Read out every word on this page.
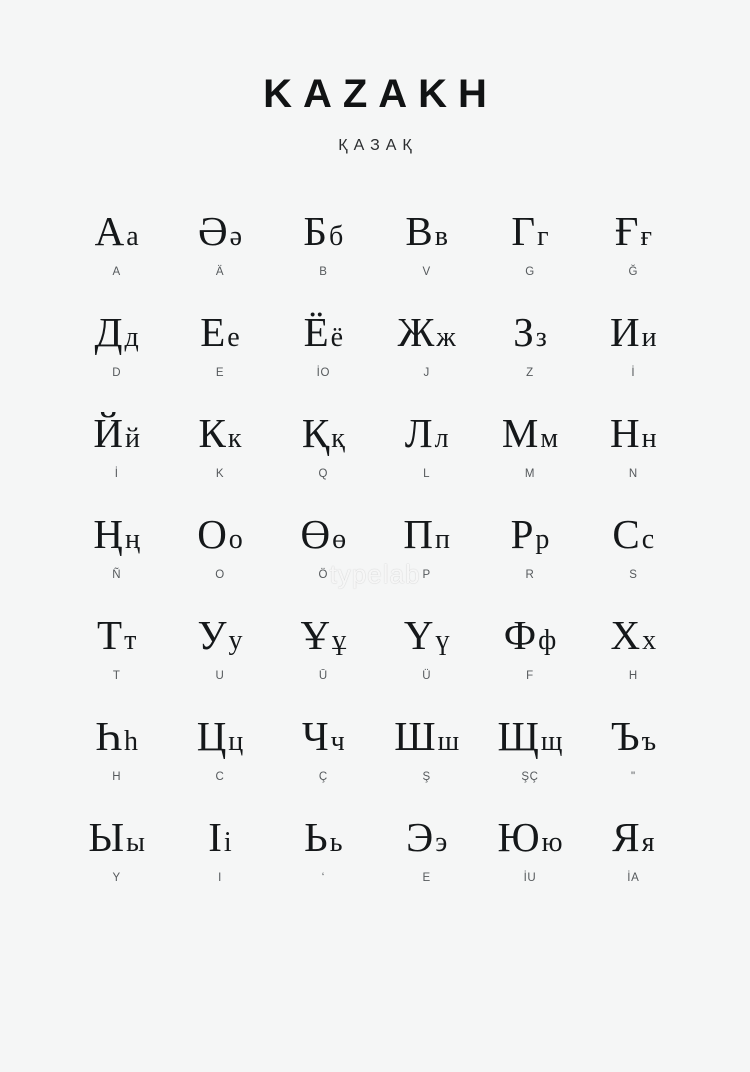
KAZAKH
ҚАЗАҚ
Аа
A
Әә
Ä
Бб
B
Вв
V
Гг
G
Ғғ
Ğ
Дд
D
Ее
E
Ёё
İO
Жж
J
Зз
Z
Ии
İ
Йй
İ
Кк
K
Ққ
Q
Лл
L
Мм
M
Нн
N
Ңң
Ñ
Оо
O
Өө
Ö
Пп
P
Рр
R
Сс
S
Тт
T
Уу
U
Ұұ
Ū
Үү
Ü
Фф
F
Хх
H
Һһ
H
Цц
C
Чч
Ç
Шш
Ş
Щщ
ŞÇ
Ъъ
"
Ыы
Y
Іі
I
Ьь
‘
Ээ
E
Юю
İU
Яя
İA
typelab
